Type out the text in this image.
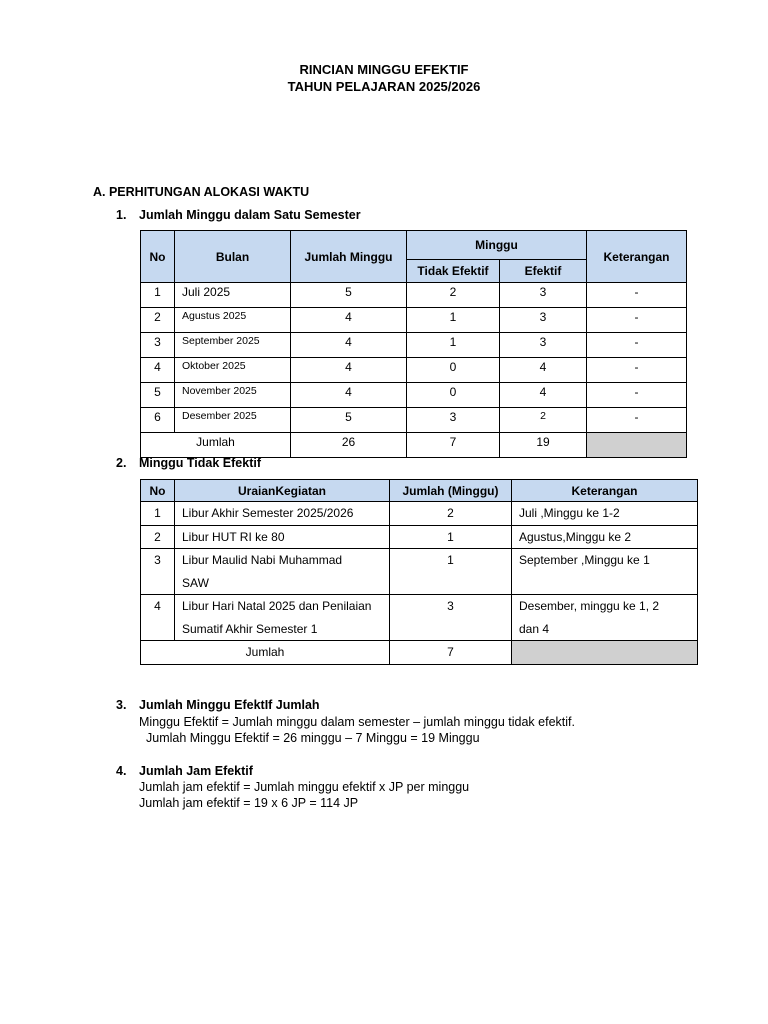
RINCIAN MINGGU EFEKTIF
TAHUN PELAJARAN 2025/2026
A. PERHITUNGAN ALOKASI WAKTU
1. Jumlah Minggu dalam Satu Semester
No	Bulan	Jumlah Minggu	Minggu		Keterangan
			Tidak Efektif	Efektif	
1	Juli 2025	5	2	3	-
2	Agustus 2025	4	1	3	-
3	September 2025	4	1	3	-
4	Oktober 2025	4	0	4	-
5	November 2025	4	0	4	-
6	Desember 2025	5	3	2	-
Jumlah		26	7	19	
2. Minggu Tidak Efektif
No	UraianKegiatan	Jumlah (Minggu)	Keterangan
1	Libur Akhir Semester 2025/2026	2	Juli ,Minggu ke 1-2
2	Libur HUT RI ke 80	1	Agustus,Minggu ke 2
3	Libur Maulid Nabi Muhammad SAW	1	September ,Minggu ke 1
4	Libur Hari Natal 2025 dan Penilaian Sumatif Akhir Semester 1	3	Desember, minggu ke 1, 2 dan 4
Jumlah		7	
3. Jumlah Minggu EfektIf Jumlah
Minggu Efektif = Jumlah minggu dalam semester – jumlah minggu tidak efektif.
Jumlah Minggu Efektif = 26 minggu – 7 Minggu = 19 Minggu
4. Jumlah Jam Efektif
Jumlah jam efektif = Jumlah minggu efektif x JP per minggu
Jumlah jam efektif = 19 x 6 JP = 114 JP
